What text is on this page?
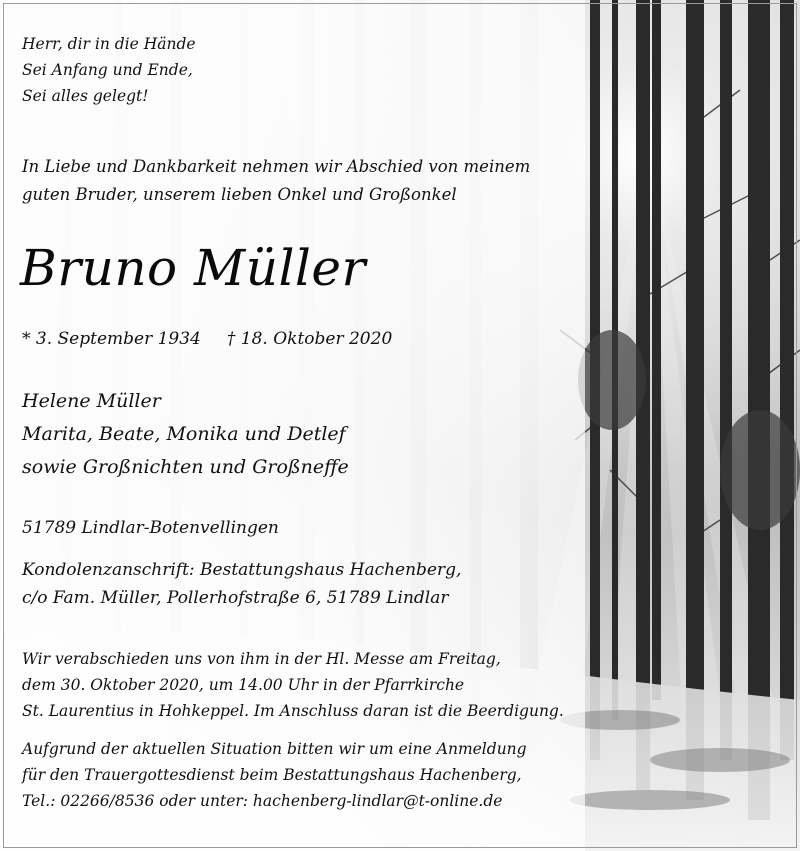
Herr, dir in die Hände
Sei Anfang und Ende,
Sei alles gelegt!
In Liebe und Dankbarkeit nehmen wir Abschied von meinem
guten Bruder, unserem lieben Onkel und Großonkel
Bruno Müller
* 3. September 1934 † 18. Oktober 2020
Helene Müller
Marita, Beate, Monika und Detlef
sowie Großnichten und Großneffe
51789 Lindlar-Botenvellingen
Kondolenzanschrift: Bestattungshaus Hachenberg,
c/o Fam. Müller, Pollerhofstraße 6, 51789 Lindlar
Wir verabschieden uns von ihm in der Hl. Messe am Freitag,
dem 30. Oktober 2020, um 14.00 Uhr in der Pfarrkirche
St. Laurentius in Hohkeppel. Im Anschluss daran ist die Beerdigung.
Aufgrund der aktuellen Situation bitten wir um eine Anmeldung
für den Trauergottesdienst beim Bestattungshaus Hachenberg,
Tel.: 02266/8536 oder unter: hachenberg-lindlar@t-online.de
